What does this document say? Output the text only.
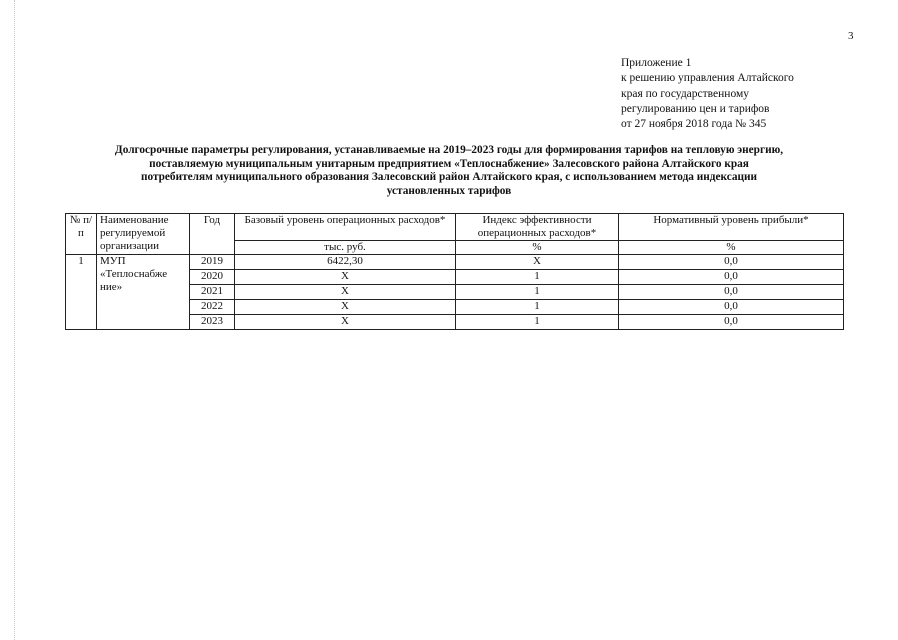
3
Приложение 1
к решению управления Алтайского
края по государственному
регулированию цен и тарифов
от 27 ноября 2018 года № 345
Долгосрочные параметры регулирования, устанавливаемые на 2019–2023 годы для формирования тарифов на тепловую энергию,
поставляемую муниципальным унитарным предприятием «Теплоснабжение» Залесовского района Алтайского края
потребителям муниципального образования Залесовский район Алтайского края, с использованием метода индексации
установленных тарифов
№ п/п	Наименование регулируемой организации	Год	Базовый уровень операционных расходов*	Индекс эффективности операционных расходов*	Нормативный уровень прибыли*
			тыс. руб.	%	%
1	МУП «Теплоснабже ние»	2019	6422,30	Х	0,0
		2020	Х	1	0,0
		2021	Х	1	0,0
		2022	Х	1	0,0
		2023	Х	1	0,0
